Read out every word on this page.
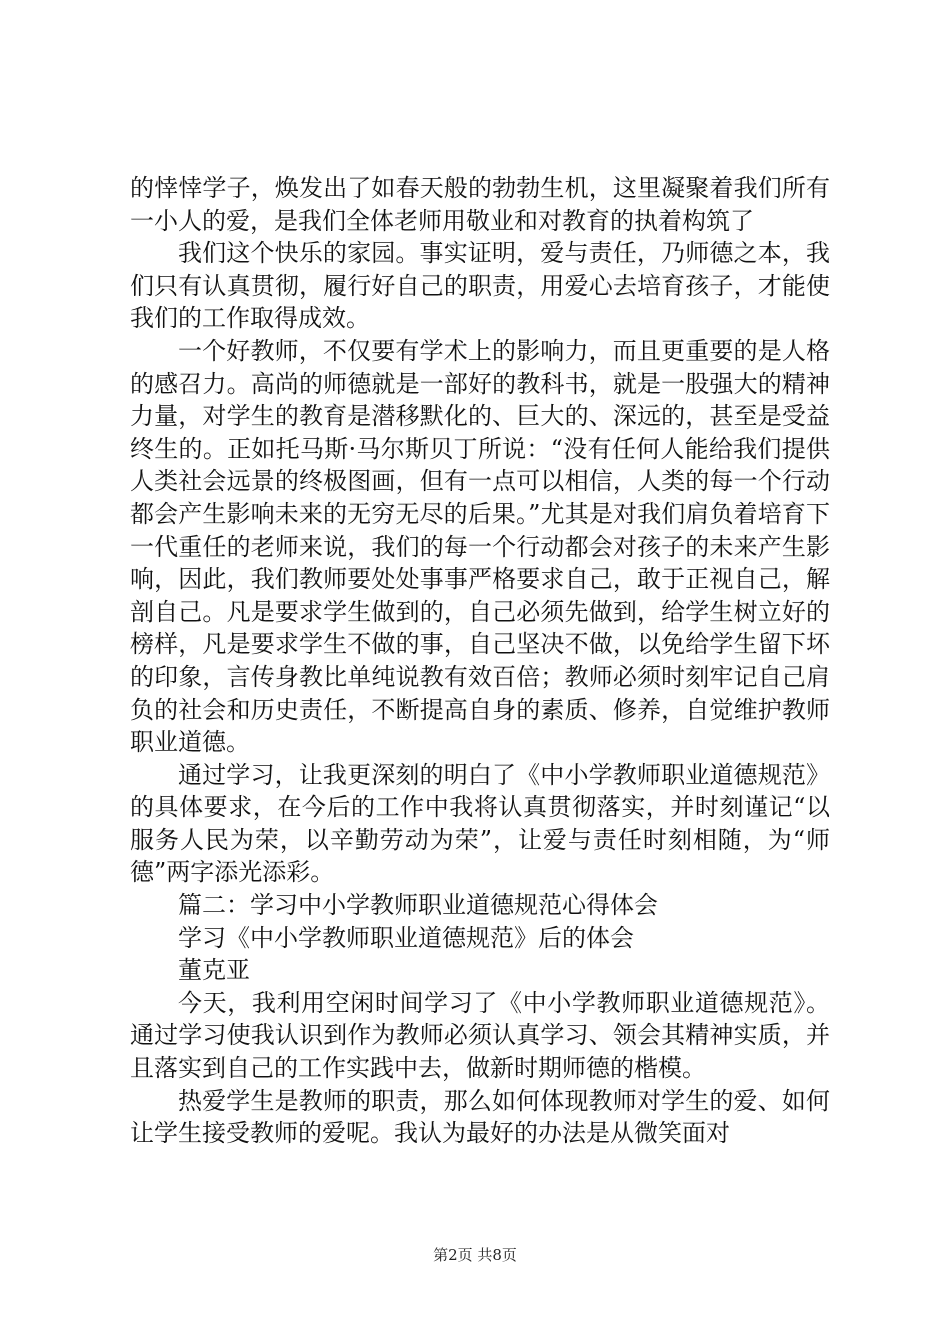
的悻悻学子，焕发出了如春天般的勃勃生机，这里凝聚着我们所有一小人的爱，是我们全体老师用敬业和对教育的执着构筑了

我们这个快乐的家园。事实证明，爱与责任，乃师德之本，我们只有认真贯彻，履行好自己的职责，用爱心去培育孩子，才能使我们的工作取得成效。

一个好教师，不仅要有学术上的影响力，而且更重要的是人格的感召力。高尚的师德就是一部好的教科书，就是一股强大的精神力量，对学生的教育是潜移默化的、巨大的、深远的，甚至是受益终生的。正如托马斯·马尔斯贝丁所说：“没有任何人能给我们提供人类社会远景的终极图画，但有一点可以相信，人类的每一个行动都会产生影响未来的无穷无尽的后果。”尤其是对我们肩负着培育下一代重任的老师来说，我们的每一个行动都会对孩子的未来产生影响，因此，我们教师要处处事事严格要求自己，敢于正视自己，解剖自己。凡是要求学生做到的，自己必须先做到，给学生树立好的榜样，凡是要求学生不做的事，自己坚决不做，以免给学生留下坏的印象，言传身教比单纯说教有效百倍；教师必须时刻牢记自己肩负的社会和历史责任，不断提高自身的素质、修养，自觉维护教师职业道德。

通过学习，让我更深刻的明白了《中小学教师职业道德规范》的具体要求，在今后的工作中我将认真贯彻落实，并时刻谨记“以服务人民为荣，以辛勤劳动为荣”，让爱与责任时刻相随，为“师德”两字添光添彩。

篇二：学习中小学教师职业道德规范心得体会

学习《中小学教师职业道德规范》后的体会

董克亚

今天，我利用空闲时间学习了《中小学教师职业道德规范》。通过学习使我认识到作为教师必须认真学习、领会其精神实质，并且落实到自己的工作实践中去，做新时期师德的楷模。

热爱学生是教师的职责，那么如何体现教师对学生的爱、如何让学生接受教师的爱呢。我认为最好的办法是从微笑面对

第2页 共8页
